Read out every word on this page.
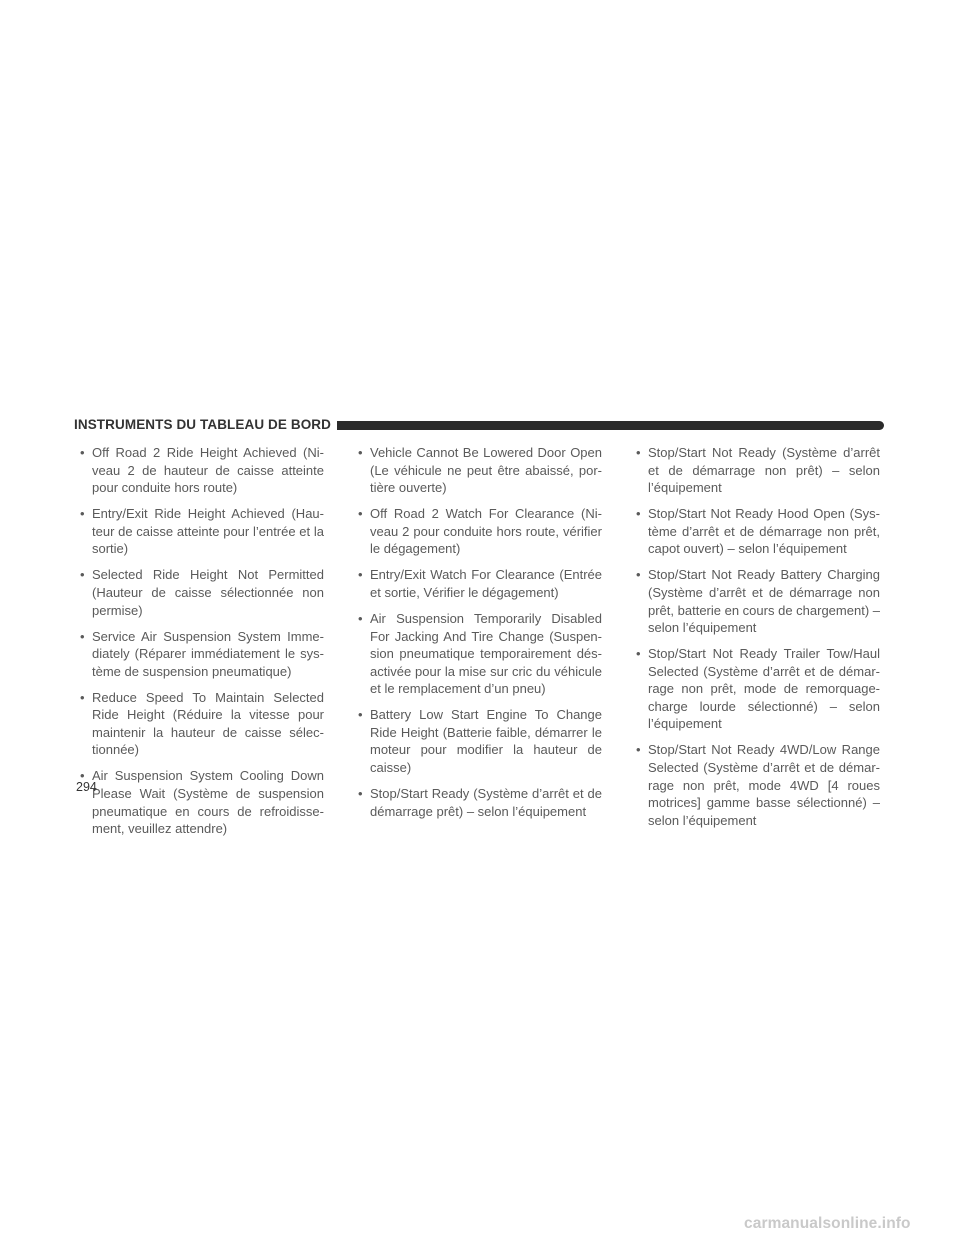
INSTRUMENTS DU TABLEAU DE BORD
• Off Road 2 Ride Height Achieved (Niveau 2 de hauteur de caisse atteinte pour conduite hors route)
• Entry/Exit Ride Height Achieved (Hauteur de caisse atteinte pour l’entrée et la sortie)
• Selected Ride Height Not Permitted (Hauteur de caisse sélectionnée non permise)
• Service Air Suspension System Immediately (Réparer immédiatement le système de suspension pneumatique)
• Reduce Speed To Maintain Selected Ride Height (Réduire la vitesse pour maintenir la hauteur de caisse sélectionnée)
• Air Suspension System Cooling Down Please Wait (Système de suspension pneumatique en cours de refroidissement, veuillez attendre)
• Vehicle Cannot Be Lowered Door Open (Le véhicule ne peut être abaissé, portière ouverte)
• Off Road 2 Watch For Clearance (Niveau 2 pour conduite hors route, vérifier le dégagement)
• Entry/Exit Watch For Clearance (Entrée et sortie, Vérifier le dégagement)
• Air Suspension Temporarily Disabled For Jacking And Tire Change (Suspension pneumatique temporairement désactivée pour la mise sur cric du véhicule et le remplacement d’un pneu)
• Battery Low Start Engine To Change Ride Height (Batterie faible, démarrer le moteur pour modifier la hauteur de caisse)
• Stop/Start Ready (Système d’arrêt et de démarrage prêt) – selon l’équipement
• Stop/Start Not Ready (Système d’arrêt et de démarrage non prêt) – selon l’équipement
• Stop/Start Not Ready Hood Open (Système d’arrêt et de démarrage non prêt, capot ouvert) – selon l’équipement
• Stop/Start Not Ready Battery Charging (Système d’arrêt et de démarrage non prêt, batterie en cours de chargement) – selon l’équipement
• Stop/Start Not Ready Trailer Tow/Haul Selected (Système d’arrêt et de démarrage non prêt, mode de remorquage-charge lourde sélectionné) – selon l’équipement
• Stop/Start Not Ready 4WD/Low Range Selected (Système d’arrêt et de démarrage non prêt, mode 4WD [4 roues motrices] gamme basse sélectionné) – selon l’équipement
294
carmanualsonline.info
